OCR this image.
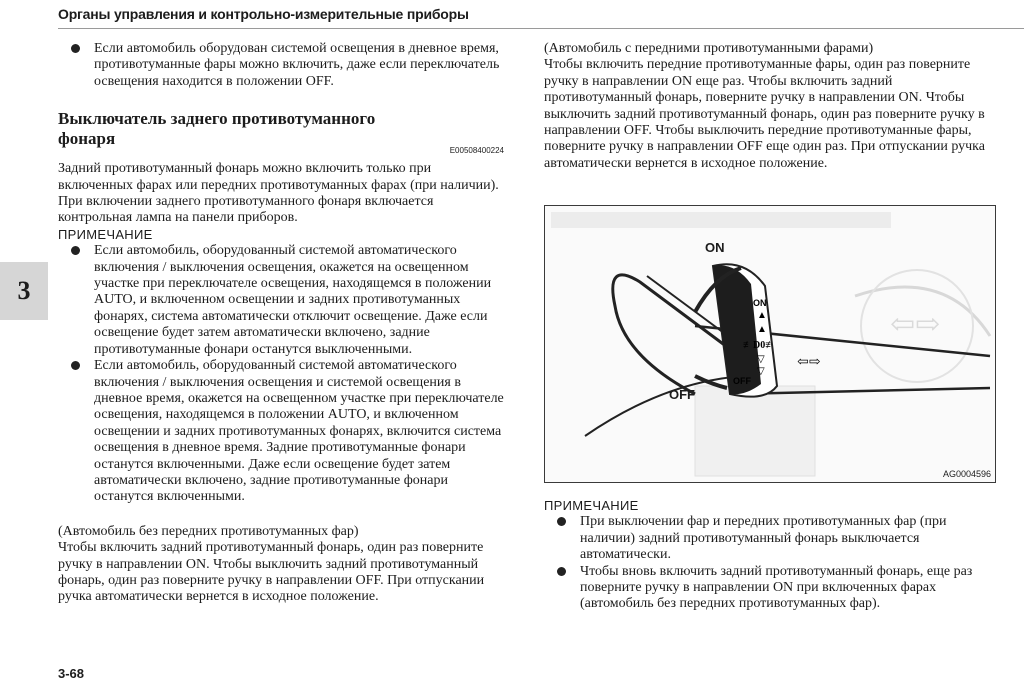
Органы управления и контрольно-измерительные приборы
3

Если автомобиль оборудован системой освещения в дневное время, противотуманные фары можно включить, даже если переключатель освещения находится в положении OFF.

Выключатель заднего противотуманного фонаря
E00508400224

Задний противотуманный фонарь можно включить только при включенных фарах или передних противотуманных фарах (при наличии).

При включении заднего противотуманного фонаря включается контрольная лампа на панели приборов.

ПРИМЕЧАНИЕ

Если автомобиль, оборудованный системой автоматического включения / выключения освещения, окажется на освещенном участке при переключателе освещения, находящемся в положении AUTO, и включенном освещении и задних противотуманных фонарях, система автоматически отключит освещение. Даже если освещение будет затем автоматически включено, задние противотуманные фонари останутся выключенными.

Если автомобиль, оборудованный системой автоматического включения / выключения освещения и системой освещения в дневное время, окажется на освещенном участке при переключателе освещения, находящемся в положении AUTO, и включенном освещении и задних противотуманных фонарях, включится система освещения в дневное время. Задние противотуманные фонари останутся включенными. Даже если освещение будет затем автоматически включено, задние противотуманные фонари останутся включенными.

(Автомобиль без передних противотуманных фар)

Чтобы включить задний противотуманный фонарь, один раз поверните ручку в направлении ON. Чтобы выключить задний противотуманный фонарь, один раз поверните ручку в направлении OFF. При отпускании ручка автоматически вернется в исходное положение.

(Автомобиль с передними противотуманными фарами)

Чтобы включить передние противотуманные фары, один раз поверните ручку в направлении ON еще раз. Чтобы включить задний противотуманный фонарь, поверните ручку в направлении ON. Чтобы выключить задний противотуманный фонарь, один раз поверните ручку в направлении OFF. Чтобы выключить передние противотуманные фары, поверните ручку в направлении OFF еще один раз. При отпускании ручка автоматически вернется в исходное положение.

ON
▲
▲
≢D0≢
▽
▽
OFF
⇦⇨
⇦⇨
ON
OFF
AG0004596

ПРИМЕЧАНИЕ

При выключении фар и передних противотуманных фар (при наличии) задний противотуманный фонарь выключается автоматически.

Чтобы вновь включить задний противотуманный фонарь, еще раз поверните ручку в направлении ON при включенных фарах (автомобиль без передних противотуманных фар).

3-68
